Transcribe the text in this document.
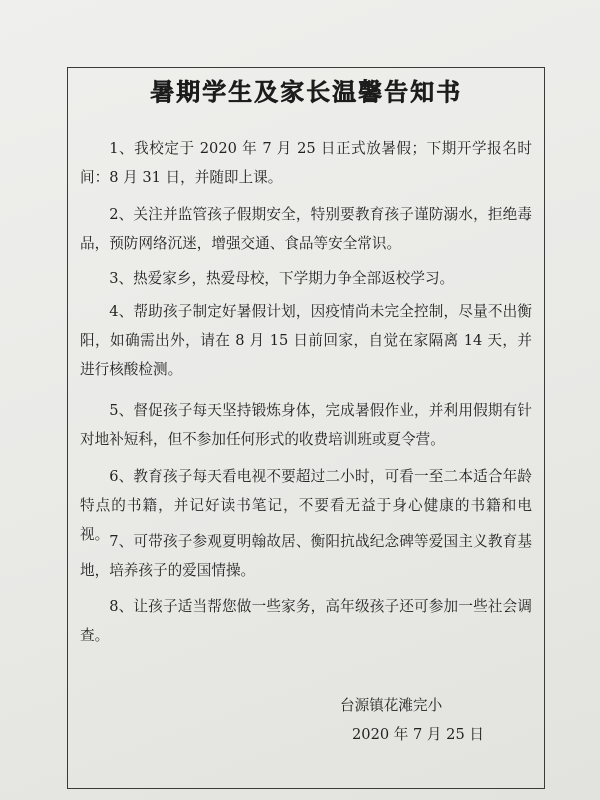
暑期学生及家长温馨告知书
1、我校定于 2020 年 7 月 25 日正式放暑假；下期开学报名时间：8 月 31 日，并随即上课。
2、关注并监管孩子假期安全，特别要教育孩子谨防溺水，拒绝毒品，预防网络沉迷，增强交通、食品等安全常识。
3、热爱家乡，热爱母校，下学期力争全部返校学习。
4、帮助孩子制定好暑假计划，因疫情尚未完全控制，尽量不出衡阳，如确需出外，请在 8 月 15 日前回家，自觉在家隔离 14 天，并进行核酸检测。
5、督促孩子每天坚持锻炼身体，完成暑假作业，并利用假期有针对地补短科，但不参加任何形式的收费培训班或夏令营。
6、教育孩子每天看电视不要超过二小时，可看一至二本适合年龄特点的书籍，并记好读书笔记，不要看无益于身心健康的书籍和电视。 7、可带孩子参观夏明翰故居、衡阳抗战纪念碑等爱国主义教育基地，培养孩子的爱国情操。
8、让孩子适当帮您做一些家务，高年级孩子还可参加一些社会调查。
台源镇花滩完小
2020 年 7 月 25 日
